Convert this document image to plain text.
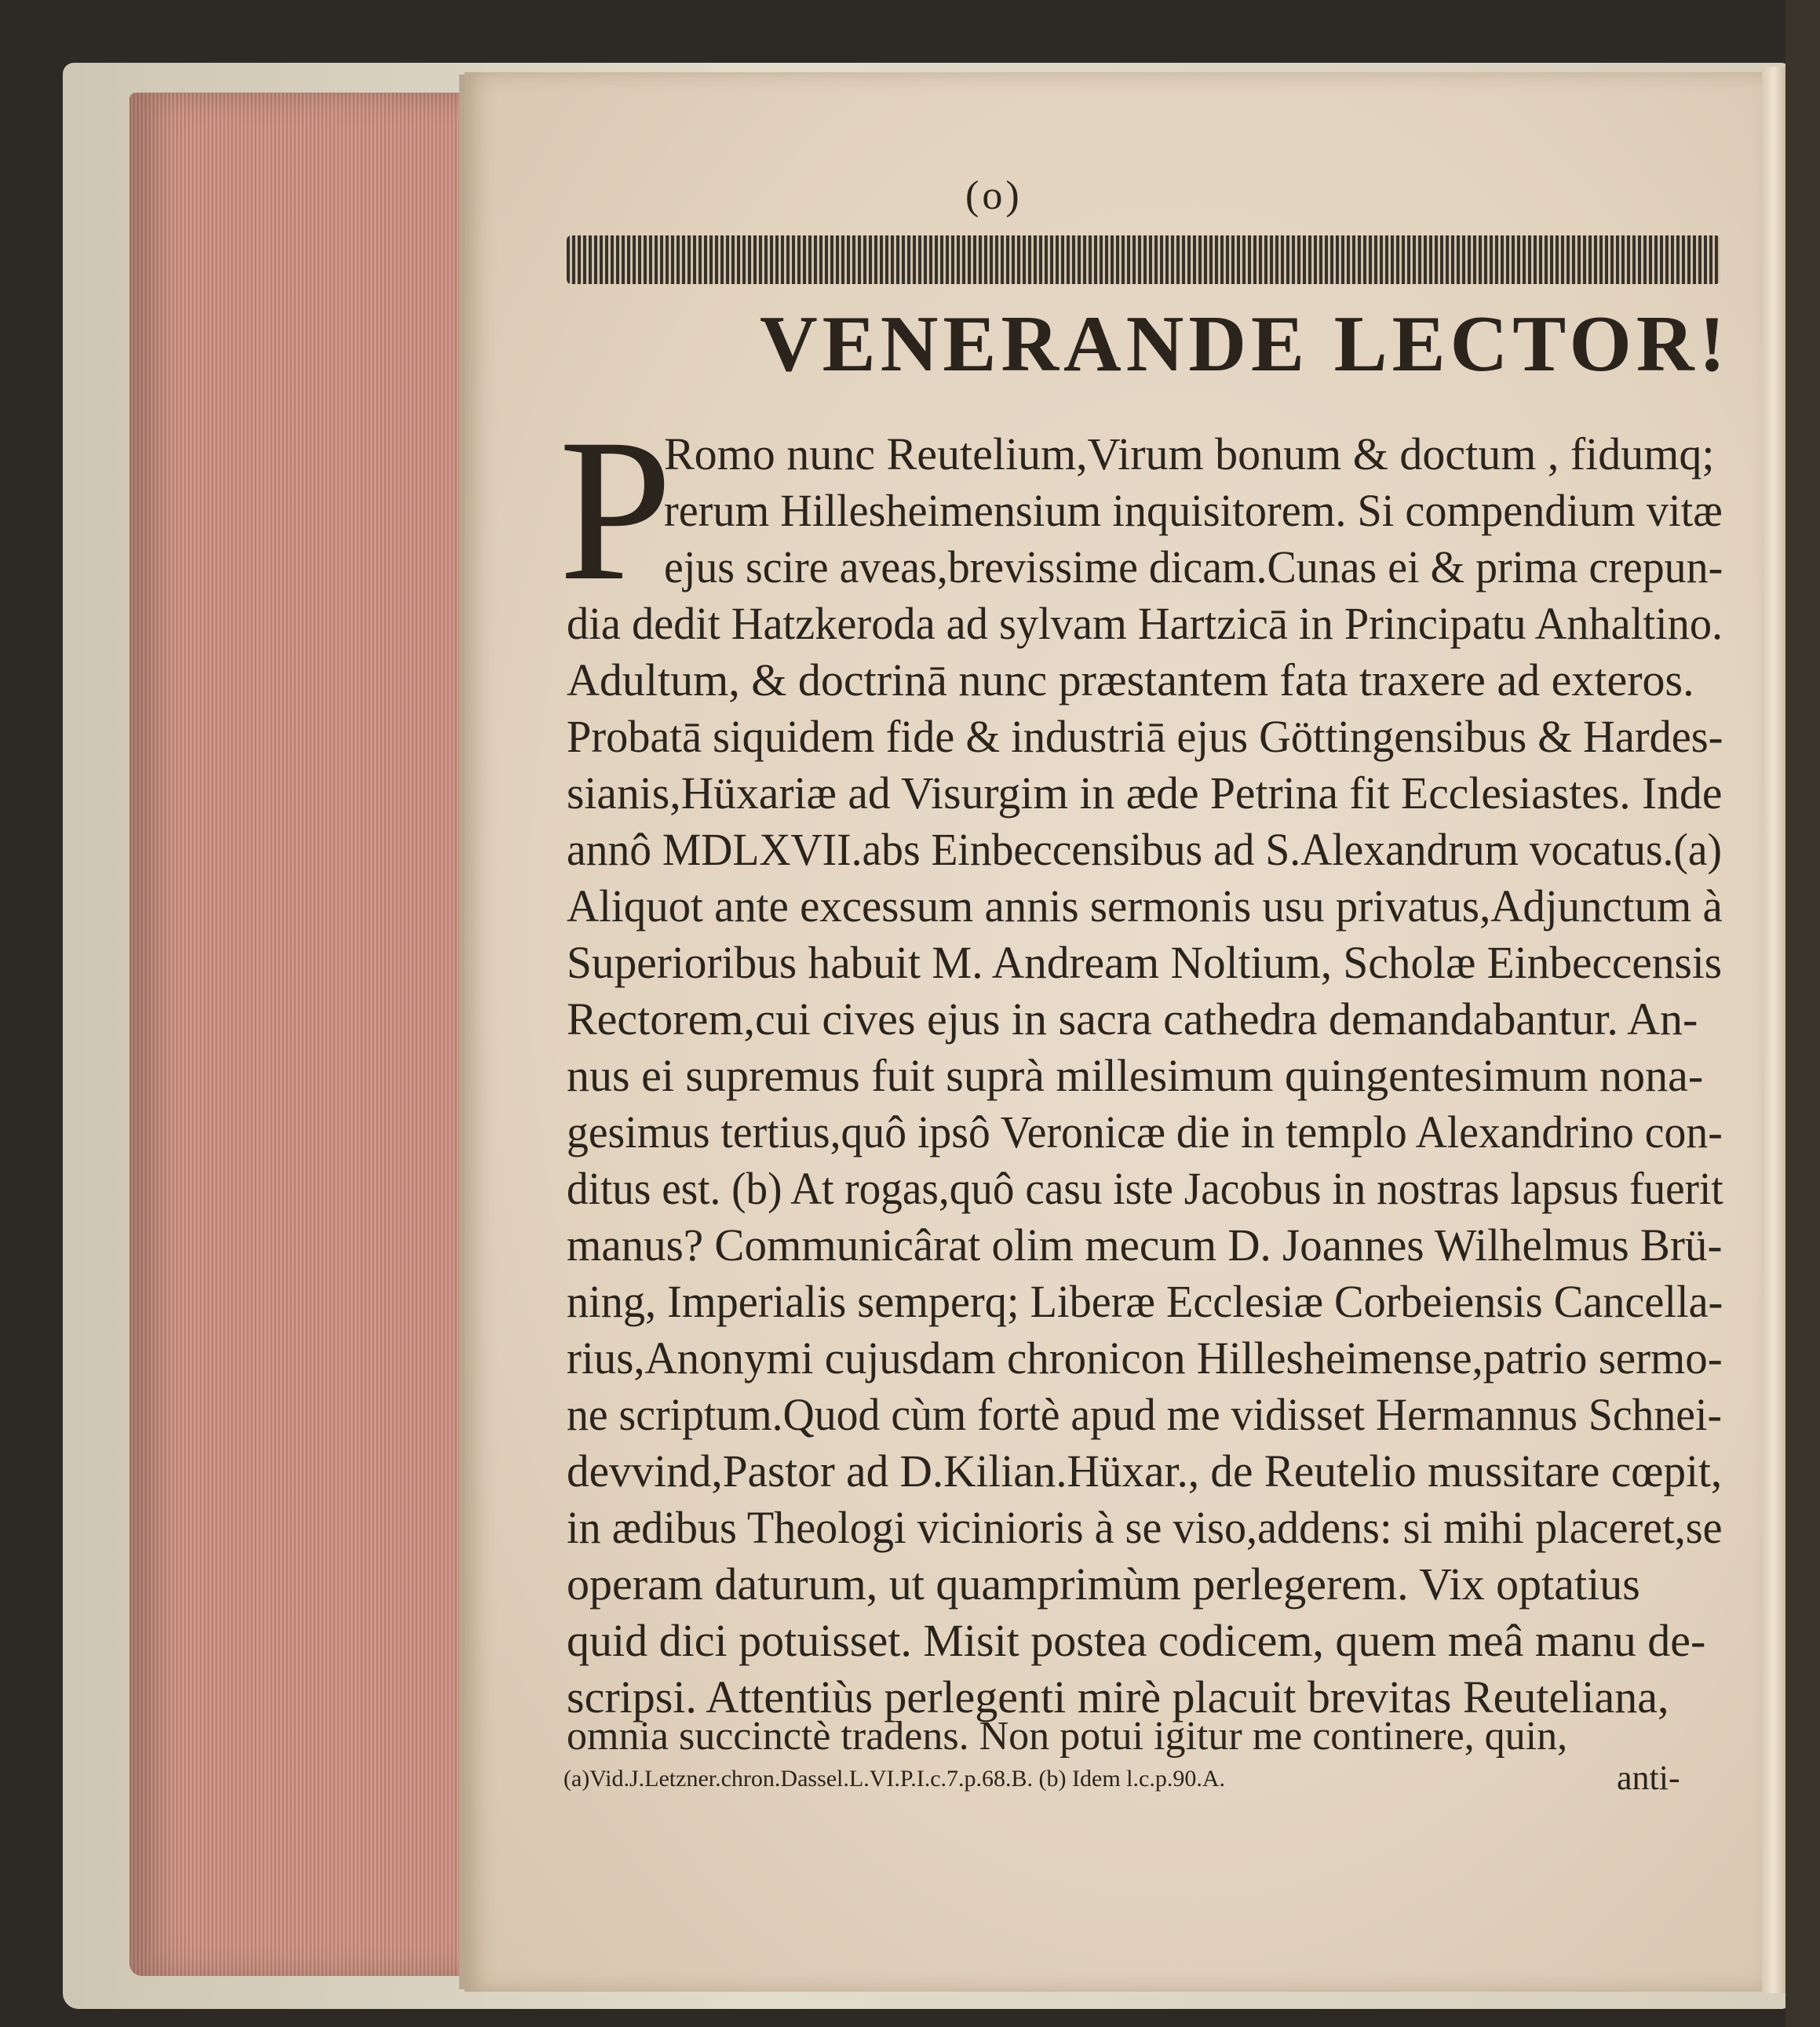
(o)
VENERANDE LECTOR!
P
Romo nunc Reutelium,Virum bonum & doctum , fidumq;
rerum Hillesheimensium inquisitorem. Si compendium vitæ
ejus scire aveas,brevissime dicam.Cunas ei & prima crepun-
dia dedit Hatzkeroda ad sylvam Hartzicā in Principatu Anhaltino.
Adultum, & doctrinā nunc præstantem fata traxere ad exteros.
Probatā siquidem fide & industriā ejus Göttingensibus & Hardes-
sianis,Hüxariæ ad Visurgim in æde Petrina fit Ecclesiastes. Inde
annô MDLXVII.abs Einbeccensibus ad S.Alexandrum vocatus.(a)
Aliquot ante excessum annis sermonis usu privatus,Adjunctum à
Superioribus habuit M. Andream Noltium, Scholæ Einbeccensis
Rectorem,cui cives ejus in sacra cathedra demandabantur. An-
nus ei supremus fuit suprà millesimum quingentesimum nona-
gesimus tertius,quô ipsô Veronicæ die in templo Alexandrino con-
ditus est. (b) At rogas,quô casu iste Jacobus in nostras lapsus fuerit
manus? Communicârat olim mecum D. Joannes Wilhelmus Brü-
ning, Imperialis semperq; Liberæ Ecclesiæ Corbeiensis Cancella-
rius,Anonymi cujusdam chronicon Hillesheimense,patrio sermo-
ne scriptum.Quod cùm fortè apud me vidisset Hermannus Schnei-
devvind,Pastor ad D.Kilian.Hüxar., de Reutelio mussitare cœpit,
in ædibus Theologi vicinioris à se viso,addens: si mihi placeret,se
operam daturum, ut quamprimùm perlegerem. Vix optatius
quid dici potuisset. Misit postea codicem, quem meâ manu de-
scripsi. Attentiùs perlegenti mirè placuit brevitas Reuteliana,
omnia succinctè tradens. Non potui igitur me continere, quin,
(a)Vid.J.Letzner.chron.Dassel.L.VI.P.I.c.7.p.68.B. (b) Idem l.c.p.90.A.	anti-
